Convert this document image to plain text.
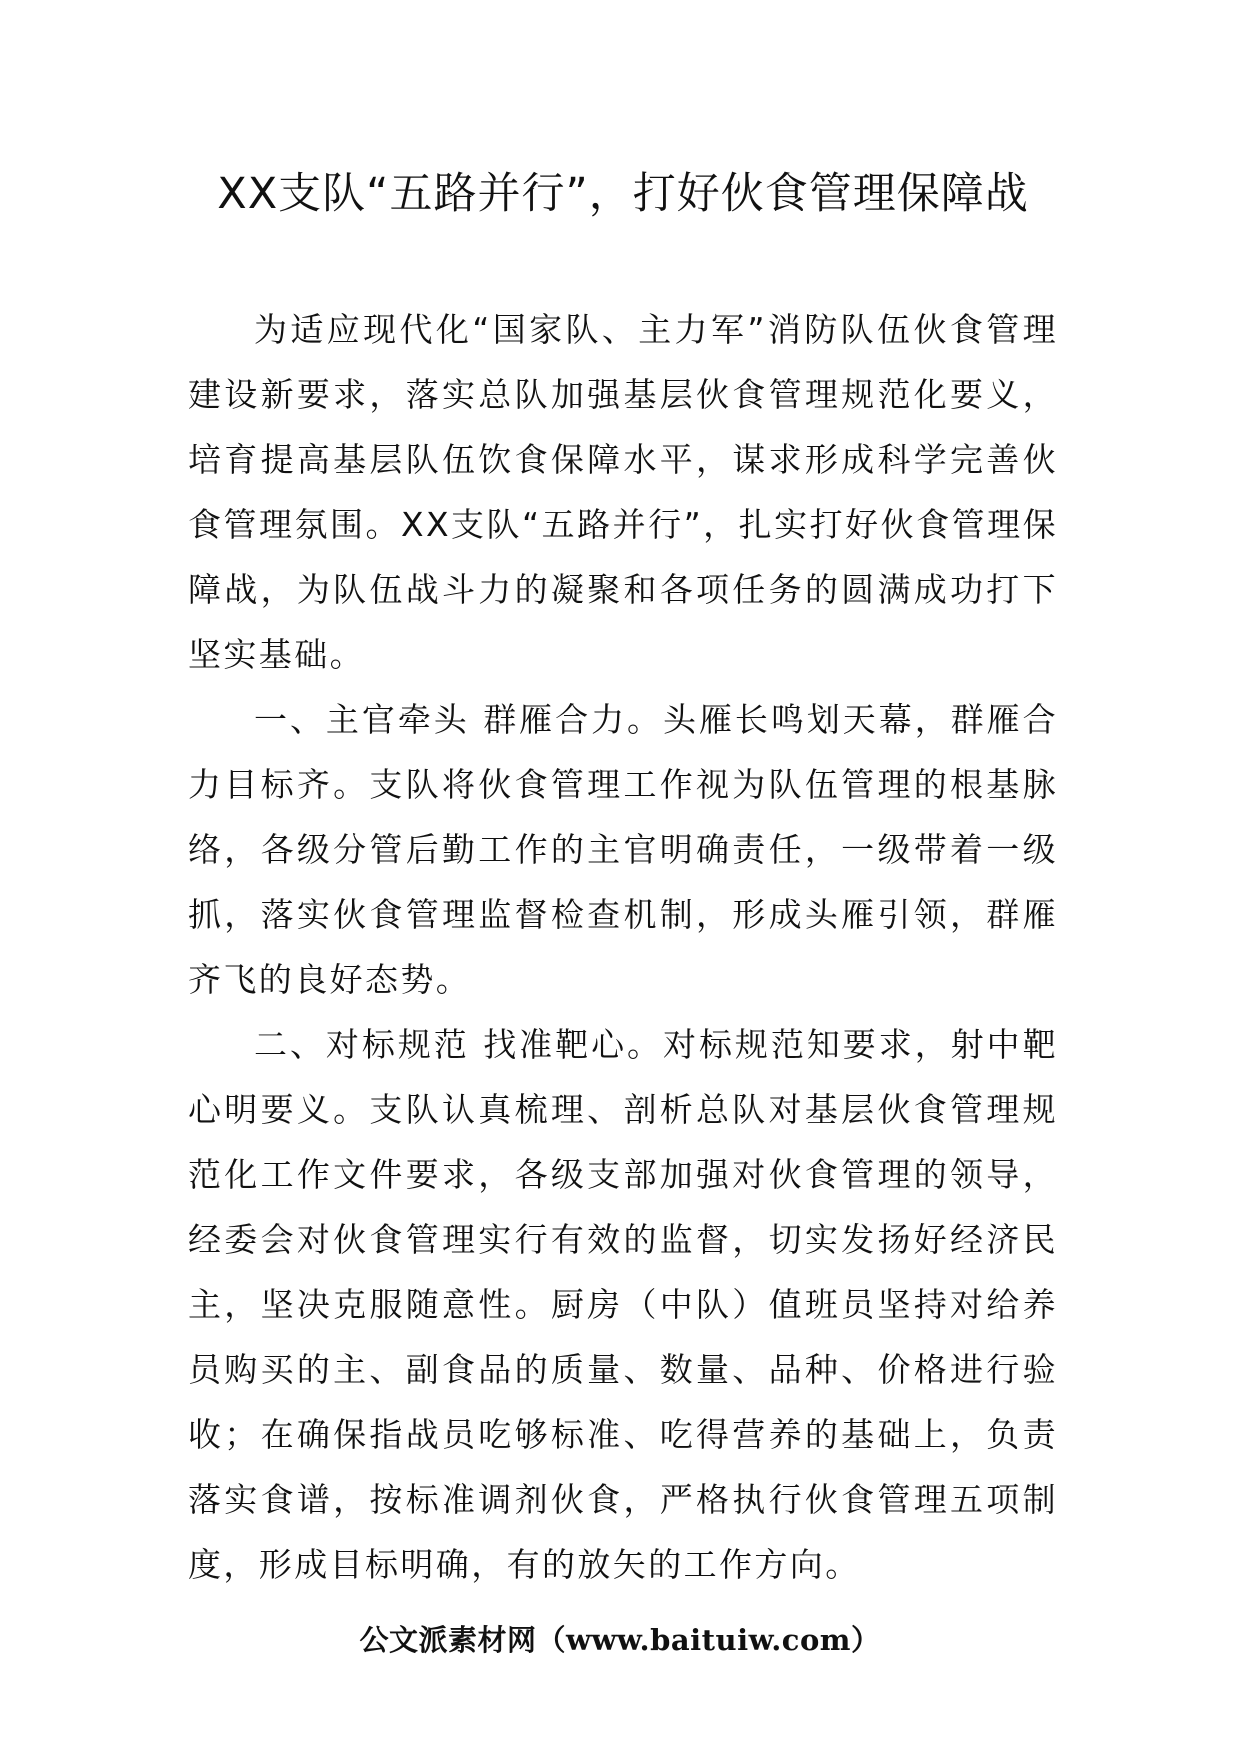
XX支队“五路并行”，打好伙食管理保障战

为适应现代化“国家队、主力军”消防队伍伙食管理建设新要求，落实总队加强基层伙食管理规范化要义，培育提高基层队伍饮食保障水平，谋求形成科学完善伙食管理氛围。XX支队“五路并行”，扎实打好伙食管理保障战，为队伍战斗力的凝聚和各项任务的圆满成功打下坚实基础。

一、主官牵头 群雁合力。头雁长鸣划天幕，群雁合力目标齐。支队将伙食管理工作视为队伍管理的根基脉络，各级分管后勤工作的主官明确责任，一级带着一级抓，落实伙食管理监督检查机制，形成头雁引领，群雁齐飞的良好态势。

二、对标规范 找准靶心。对标规范知要求，射中靶心明要义。支队认真梳理、剖析总队对基层伙食管理规范化工作文件要求，各级支部加强对伙食管理的领导，经委会对伙食管理实行有效的监督，切实发扬好经济民主，坚决克服随意性。厨房（中队）值班员坚持对给养员购买的主、副食品的质量、数量、品种、价格进行验收；在确保指战员吃够标准、吃得营养的基础上，负责落实食谱，按标准调剂伙食，严格执行伙食管理五项制度，形成目标明确，有的放矢的工作方向。

公文派素材网（www.baituiw.com）
